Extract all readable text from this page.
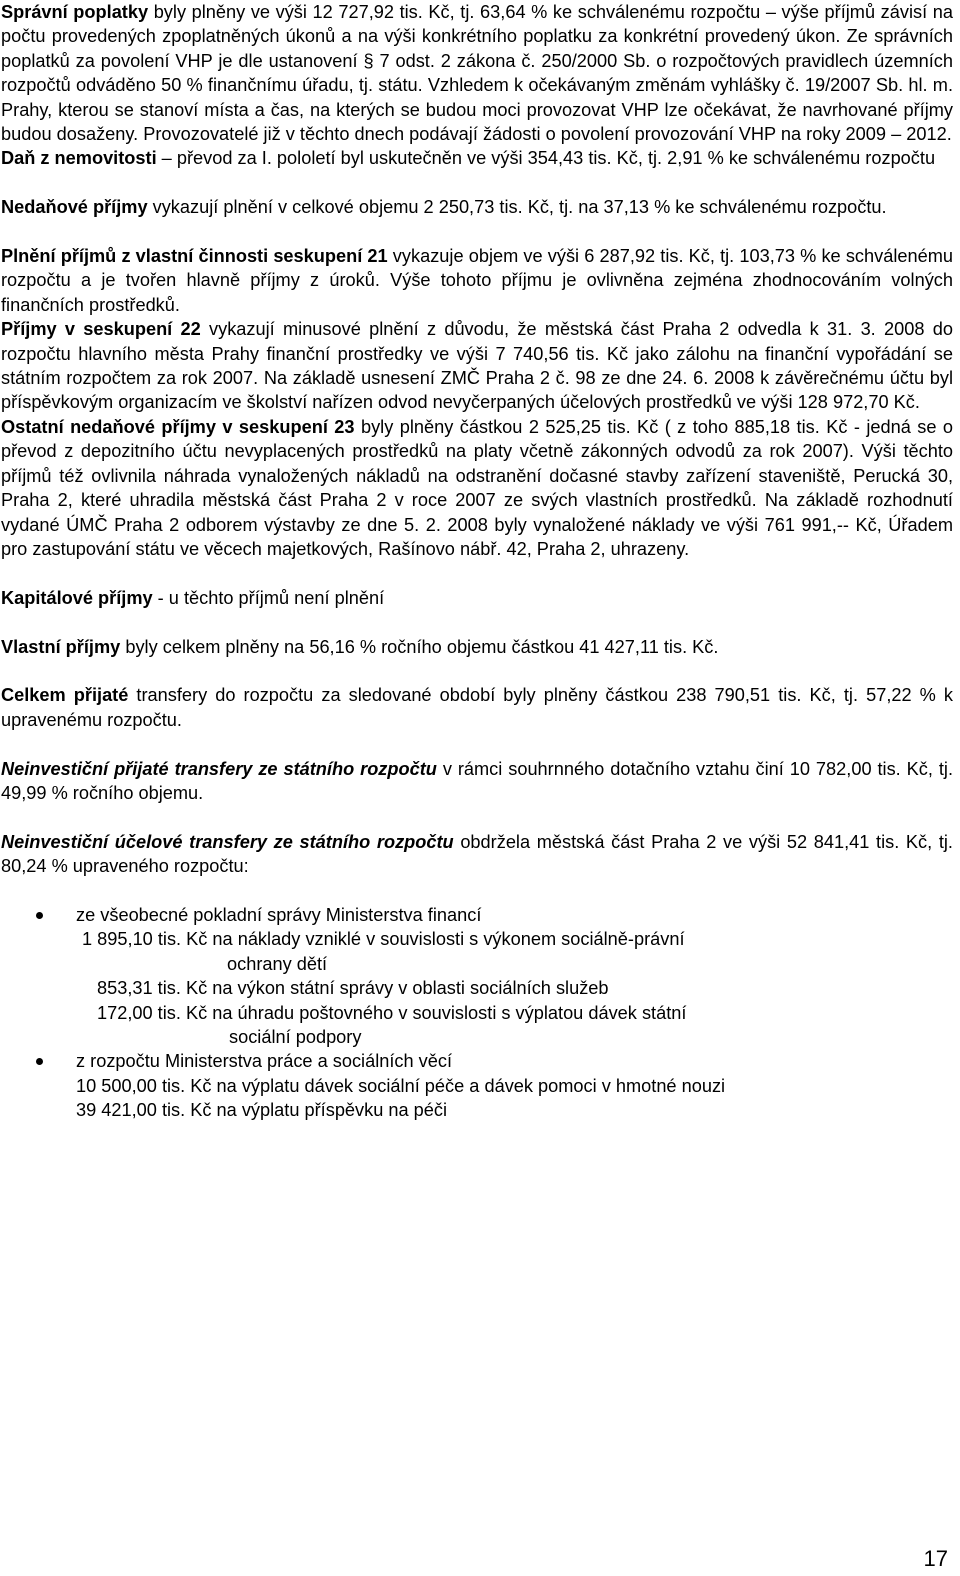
Správní poplatky byly plněny ve výši 12 727,92 tis. Kč, tj. 63,64 % ke schválenému rozpočtu – výše příjmů závisí na počtu provedených zpoplatněných úkonů a na výši konkrétního poplatku za konkrétní provedený úkon. Ze správních poplatků za povolení VHP je dle ustanovení § 7 odst. 2 zákona č. 250/2000 Sb. o rozpočtových pravidlech územních rozpočtů odváděno 50 % finančnímu úřadu, tj. státu. Vzhledem k očekávaným změnám vyhlášky č. 19/2007 Sb. hl. m. Prahy, kterou se stanoví místa a čas, na kterých se budou moci provozovat VHP lze očekávat, že navrhované příjmy budou dosaženy. Provozovatelé již v těchto dnech podávají žádosti o povolení provozování VHP na roky 2009 – 2012.

Daň z nemovitosti – převod za I. pololetí byl uskutečněn ve výši 354,43 tis. Kč, tj. 2,91 % ke schválenému rozpočtu

Nedaňové příjmy vykazují plnění v celkové objemu 2 250,73 tis. Kč, tj. na 37,13 % ke schválenému rozpočtu.

Plnění příjmů z vlastní činnosti seskupení 21 vykazuje objem ve výši 6 287,92 tis. Kč, tj. 103,73 % ke schválenému rozpočtu a je tvořen hlavně příjmy z úroků. Výše tohoto příjmu je ovlivněna zejména zhodnocováním volných finančních prostředků.

Příjmy v seskupení 22 vykazují minusové plnění z důvodu, že městská část Praha 2 odvedla k 31. 3. 2008 do rozpočtu hlavního města Prahy finanční prostředky ve výši 7 740,56 tis. Kč jako zálohu na finanční vypořádání se státním rozpočtem za rok 2007. Na základě usnesení ZMČ Praha 2 č. 98 ze dne 24. 6. 2008 k závěrečnému účtu byl příspěvkovým organizacím ve školství nařízen odvod nevyčerpaných účelových prostředků ve výši 128 972,70 Kč.

Ostatní nedaňové příjmy v seskupení 23 byly plněny částkou 2 525,25 tis. Kč ( z toho 885,18 tis. Kč - jedná se o převod z depozitního účtu nevyplacených prostředků na platy včetně zákonných odvodů za rok 2007). Výši těchto příjmů též ovlivnila náhrada vynaložených nákladů na odstranění dočasné stavby zařízení staveniště, Perucká 30, Praha 2, které uhradila městská část Praha 2 v roce 2007 ze svých vlastních prostředků. Na základě rozhodnutí vydané ÚMČ Praha 2 odborem výstavby ze dne 5. 2. 2008 byly vynaložené náklady ve výši 761 991,-- Kč, Úřadem pro zastupování státu ve věcech majetkových, Rašínovo nábř. 42, Praha 2, uhrazeny.

Kapitálové příjmy - u těchto příjmů není plnění

Vlastní příjmy byly celkem plněny na 56,16 % ročního objemu částkou 41 427,11 tis. Kč.

Celkem přijaté transfery do rozpočtu za sledované období byly plněny částkou 238 790,51 tis. Kč, tj. 57,22 % k upravenému rozpočtu.

Neinvestiční přijaté transfery ze státního rozpočtu v rámci souhrnného dotačního vztahu činí 10 782,00 tis. Kč, tj. 49,99 % ročního objemu.

Neinvestiční účelové transfery ze státního rozpočtu obdržela městská část Praha 2 ve výši 52 841,41 tis. Kč, tj. 80,24 % upraveného rozpočtu:

ze všeobecné pokladní správy Ministerstva financí
1 895,10 tis. Kč na náklady vzniklé v souvislosti s výkonem sociálně-právní
ochrany dětí
853,31 tis. Kč na výkon státní správy v oblasti sociálních služeb
172,00 tis. Kč na úhradu poštovného v souvislosti s výplatou dávek státní
sociální podpory
z rozpočtu Ministerstva práce a sociálních věcí
10 500,00 tis. Kč na výplatu dávek sociální péče a dávek pomoci v hmotné nouzi
39 421,00 tis. Kč na výplatu příspěvku na péči
17
